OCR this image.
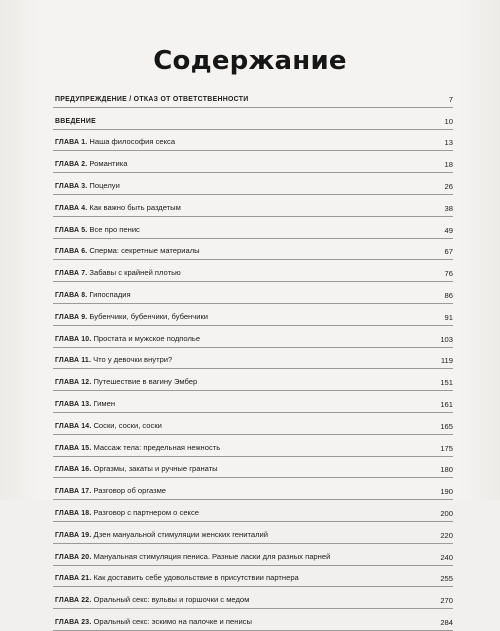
Содержание
ПРЕДУПРЕЖДЕНИЕ / ОТКАЗ ОТ ОТВЕТСТВЕННОСТИ	7
ВВЕДЕНИЕ	10
ГЛАВА 1. Наша философия секса	13
ГЛАВА 2. Романтика	18
ГЛАВА 3. Поцелуи	26
ГЛАВА 4. Как важно быть раздетым	38
ГЛАВА 5. Все про пенис	49
ГЛАВА 6. Сперма: секретные материалы	67
ГЛАВА 7. Забавы с крайней плотью	76
ГЛАВА 8. Гипоспадия	86
ГЛАВА 9. Бубенчики, бубенчики, бубенчики	91
ГЛАВА 10. Простата и мужское подполье	103
ГЛАВА 11. Что у девочки внутри?	119
ГЛАВА 12. Путешествие в вагину Эмбер	151
ГЛАВА 13. Гимен	161
ГЛАВА 14. Соски, соски, соски	165
ГЛАВА 15. Массаж тела: предельная нежность	175
ГЛАВА 16. Оргазмы, закаты и ручные гранаты	180
ГЛАВА 17. Разговор об оргазме	190
ГЛАВА 18. Разговор с партнером о сексе	200
ГЛАВА 19. Дзен мануальной стимуляции женских гениталий	220
ГЛАВА 20. Мануальная стимуляция пениса. Разные ласки для разных парней	240
ГЛАВА 21. Как доставить себе удовольствие в присутствии партнера	255
ГЛАВА 22. Оральный секс: вульвы и горшочки с медом	270
ГЛАВА 23. Оральный секс: эскимо на палочке и пенисы	284
